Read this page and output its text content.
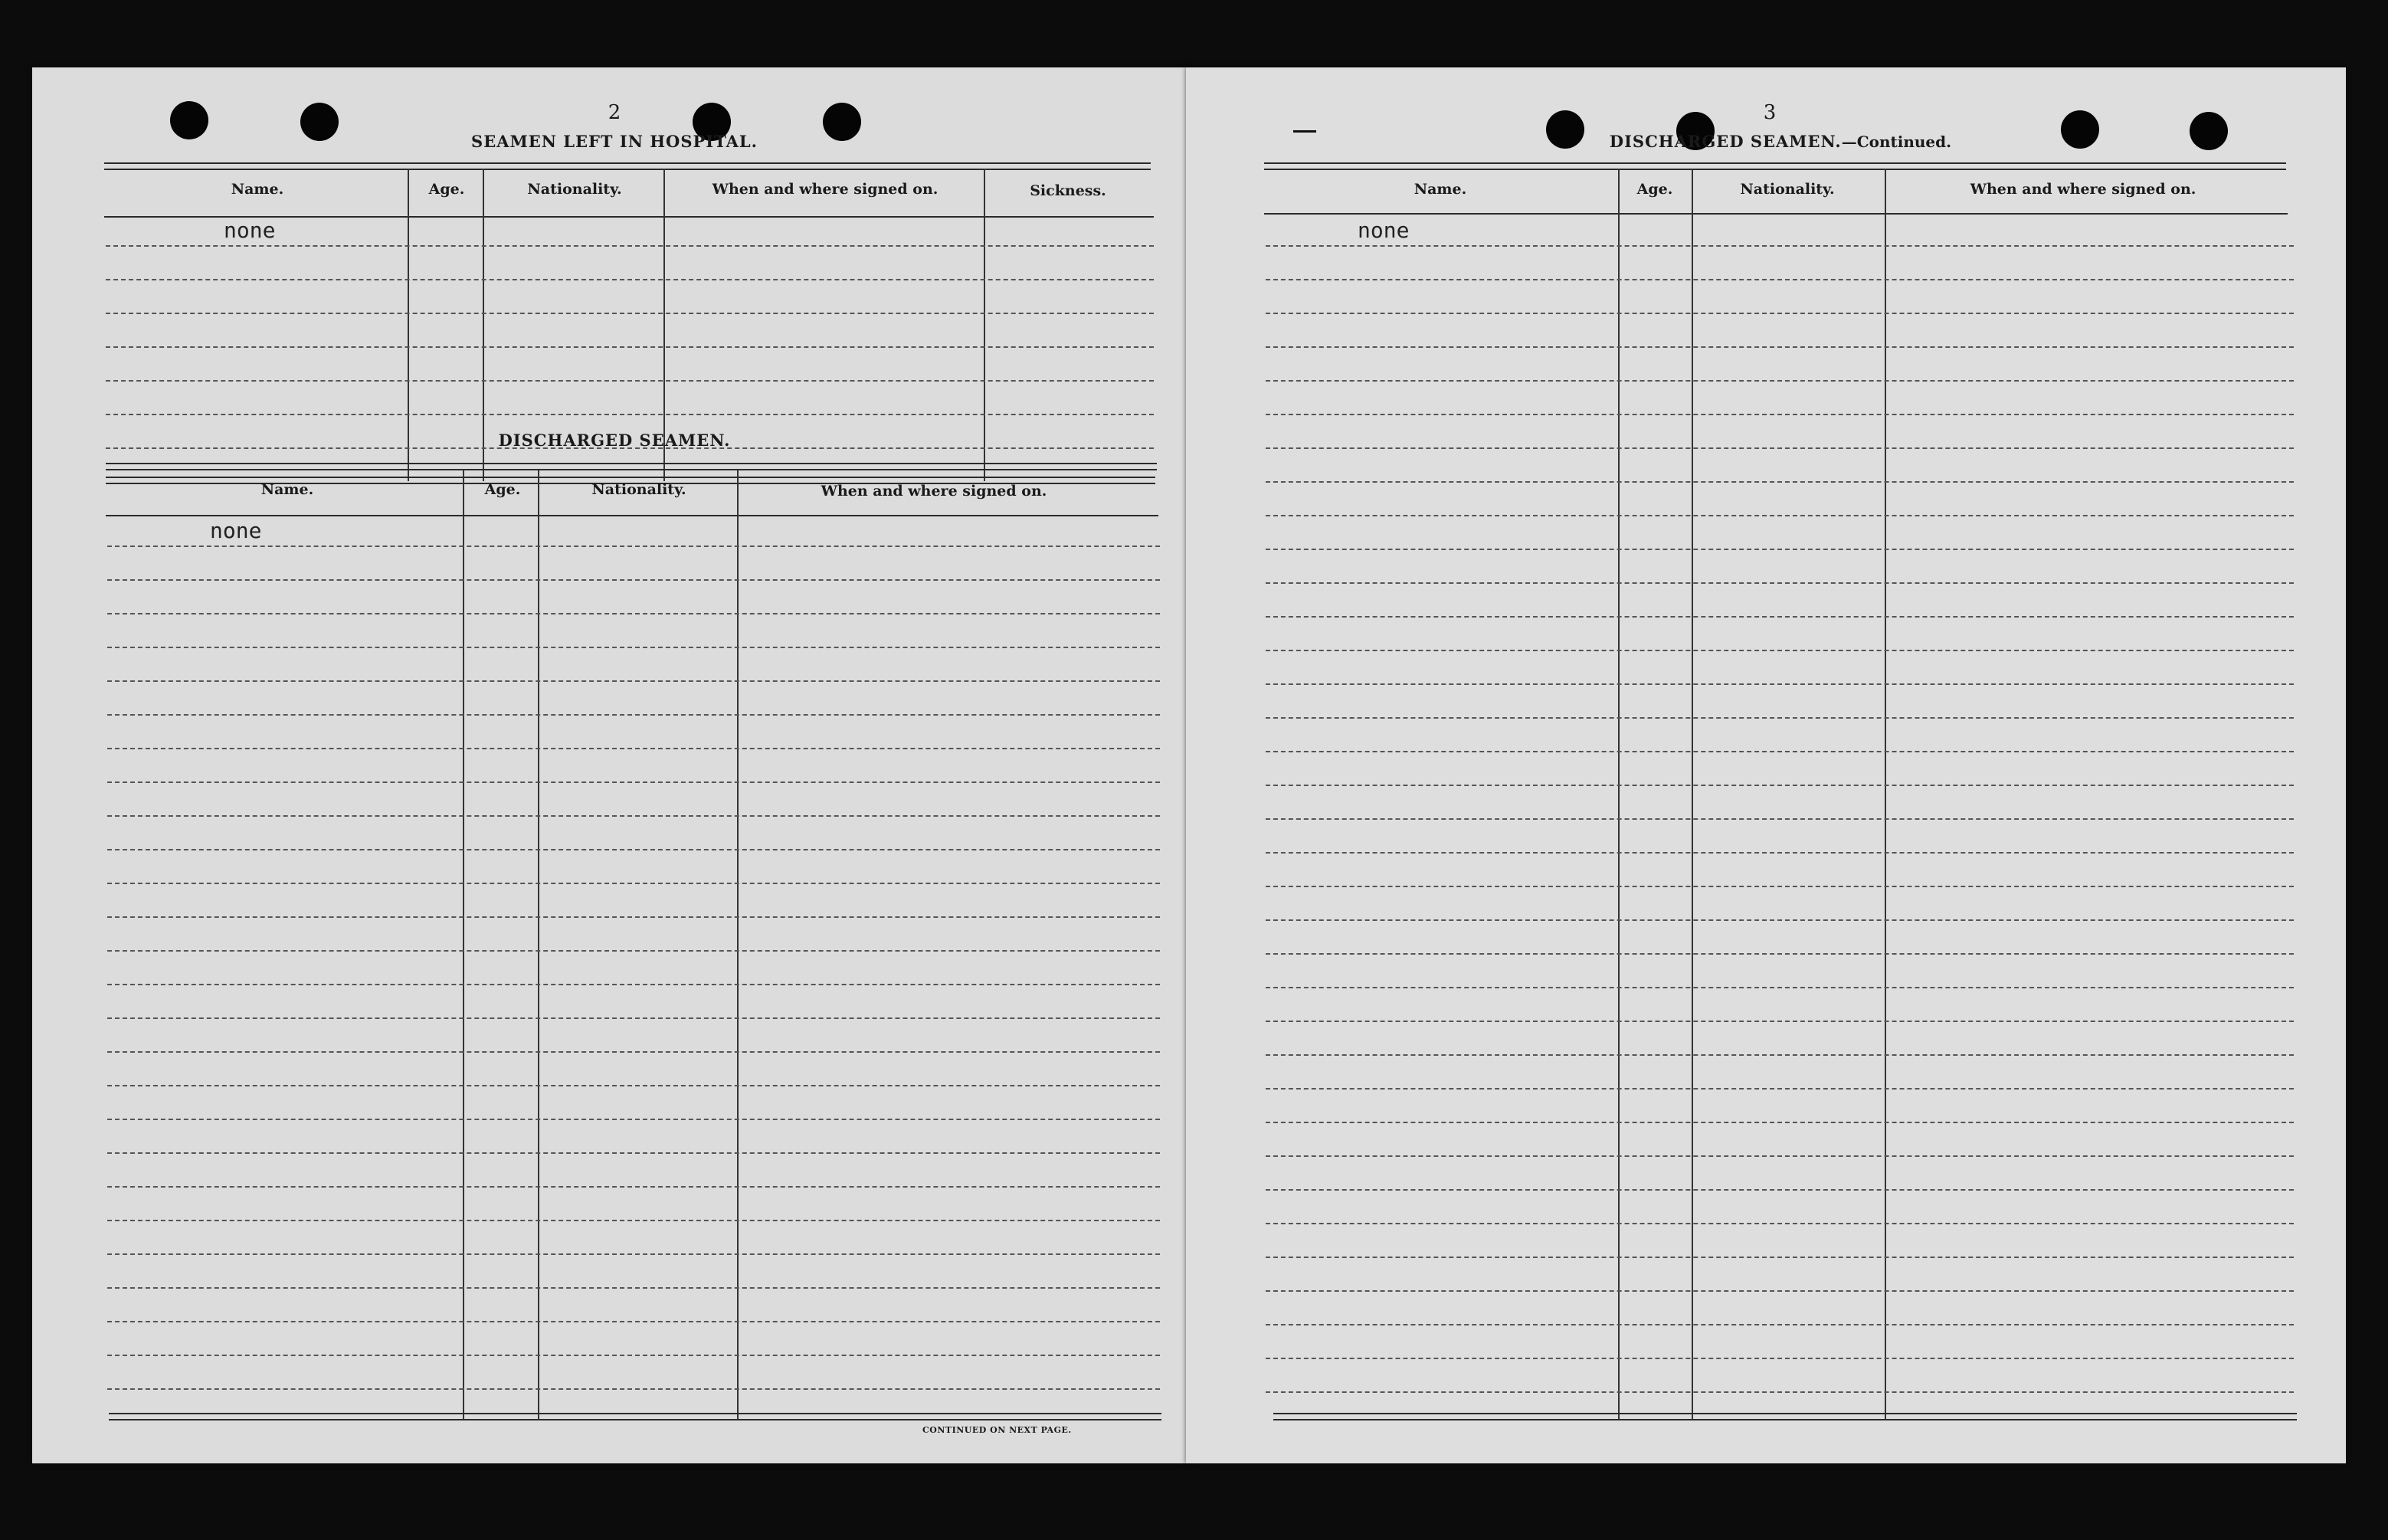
2
SEAMEN LEFT IN HOSPITAL.
Name.	Age.	Nationality.	When and where signed on.	Sickness.
none
DISCHARGED SEAMEN.
Name.	Age.	Nationality.	When and where signed on.
none
CONTINUED ON NEXT PAGE.
3
DISCHARGED SEAMEN.—Continued.
Name.	Age.	Nationality.	When and where signed on.
none
